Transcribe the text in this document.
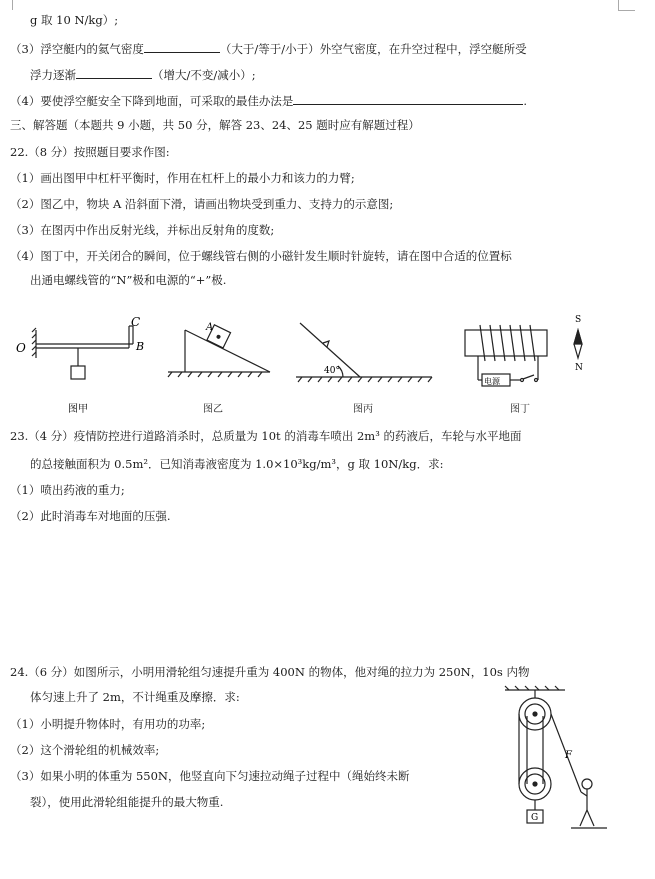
g 取 10 N/kg）;
（3）浮空艇内的氦气密度	（大于/等于/小于）外空气密度，在升空过程中，浮空艇所受
浮力逐渐	（增大/不变/减小）;
（4）要使浮空艇安全下降到地面，可采取的最佳办法是	.
三、解答题（本题共 9 小题，共 50 分，解答 23、24、25 题时应有解题过程）
22.（8 分）按照题目要求作图:
（1）画出图甲中杠杆平衡时，作用在杠杆上的最小力和该力的力臂;
（2）图乙中，物块 A 沿斜面下滑，请画出物块受到重力、支持力的示意图;
（3）在图丙中作出反射光线，并标出反射角的度数;
（4）图丁中，开关闭合的瞬间，位于螺线管右侧的小磁针发生顺时针旋转，请在图中合适的位置标
出通电螺线管的“N”极和电源的“+”极.
O	B
C
图甲
A
40°
电源
S
N
图乙	图丙	图丁
23.（4 分）疫情防控进行道路消杀时，总质量为 10t 的消毒车喷出 2m³ 的药液后，车轮与水平地面
的总接触面积为 0.5m²．已知消毒液密度为 1.0×10³kg/m³，g 取 10N/kg．求:
（1）喷出药液的重力;
（2）此时消毒车对地面的压强.
24.（6 分）如图所示，小明用滑轮组匀速提升重为 400N 的物体，他对绳的拉力为 250N，10s 内物
体匀速上升了 2m，不计绳重及摩擦．求:
（1）小明提升物体时，有用功的功率;
（2）这个滑轮组的机械效率;
（3）如果小明的体重为 550N，他竖直向下匀速拉动绳子过程中（绳始终未断
裂），使用此滑轮组能提升的最大物重.
F
G
